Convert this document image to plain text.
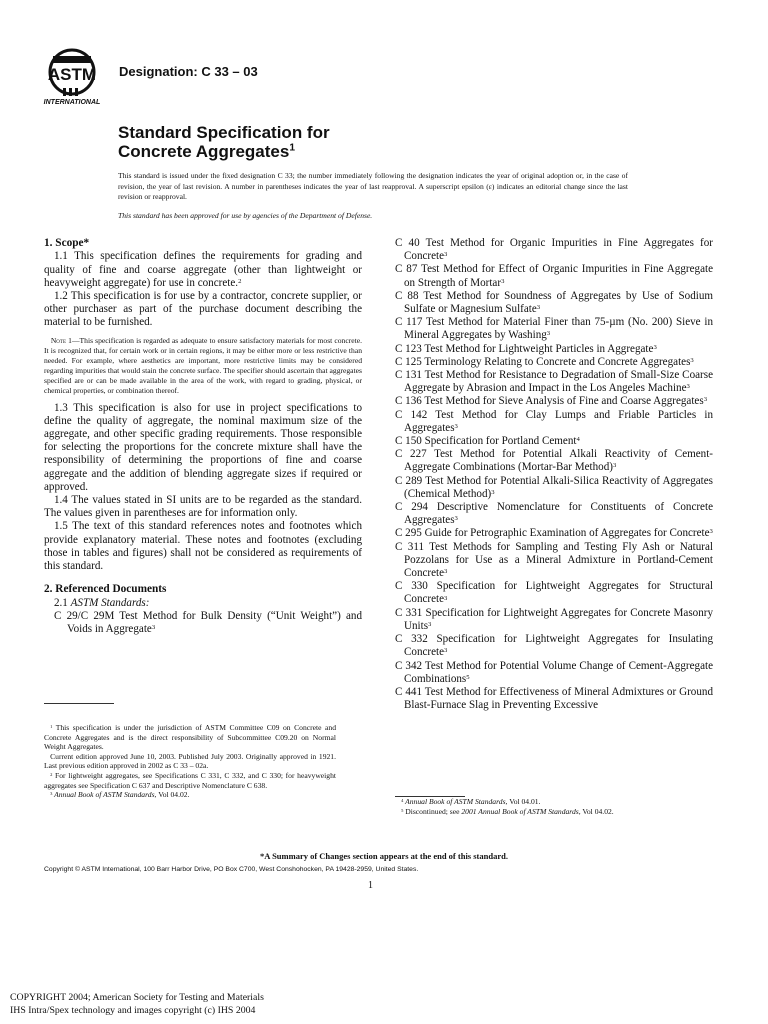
ASTM
INTERNATIONAL
Designation: C 33 – 03
Standard Specification for
Concrete Aggregates$^1$
This standard is issued under the fixed designation C 33; the number immediately following the designation indicates the year of original adoption or, in the case of revision, the year of last revision. A number in parentheses indicates the year of last reapproval. A superscript epsilon (ε) indicates an editorial change since the last revision or reapproval.
This standard has been approved for use by agencies of the Department of Defense.
1. Scope*

1.1 This specification defines the requirements for grading and quality of fine and coarse aggregate (other than lightweight or heavyweight aggregate) for use in concrete.$^2$

1.2 This specification is for use by a contractor, concrete supplier, or other purchaser as part of the purchase document describing the material to be furnished.

Note 1—This specification is regarded as adequate to ensure satisfactory materials for most concrete. It is recognized that, for certain work or in certain regions, it may be either more or less restrictive than needed. For example, where aesthetics are important, more restrictive limits may be considered regarding impurities that would stain the concrete surface. The specifier should ascertain that aggregates specified are or can be made available in the area of the work, with regard to grading, physical, or chemical properties, or combination thereof.

1.3 This specification is also for use in project specifications to define the quality of aggregate, the nominal maximum size of the aggregate, and other specific grading requirements. Those responsible for selecting the proportions for the concrete mixture shall have the responsibility of determining the proportions of fine and coarse aggregate and the addition of blending aggregate sizes if required or approved.

1.4 The values stated in SI units are to be regarded as the standard. The values given in parentheses are for information only.

1.5 The text of this standard references notes and footnotes which provide explanatory material. These notes and footnotes (excluding those in tables and figures) shall not be considered as requirements of this standard.

2. Referenced Documents

2.1 ASTM Standards:

C 29/C 29M Test Method for Bulk Density (“Unit Weight”) and Voids in Aggregate$^3$

C 40 Test Method for Organic Impurities in Fine Aggregates for Concrete$^3$

C 87 Test Method for Effect of Organic Impurities in Fine Aggregate on Strength of Mortar$^3$

C 88 Test Method for Soundness of Aggregates by Use of Sodium Sulfate or Magnesium Sulfate$^3$

C 117 Test Method for Material Finer than 75-µm (No. 200) Sieve in Mineral Aggregates by Washing$^3$

C 123 Test Method for Lightweight Particles in Aggregate$^3$

C 125 Terminology Relating to Concrete and Concrete Aggregates$^3$

C 131 Test Method for Resistance to Degradation of Small-Size Coarse Aggregate by Abrasion and Impact in the Los Angeles Machine$^3$

C 136 Test Method for Sieve Analysis of Fine and Coarse Aggregates$^3$

C 142 Test Method for Clay Lumps and Friable Particles in Aggregates$^3$

C 150 Specification for Portland Cement$^4$

C 227 Test Method for Potential Alkali Reactivity of Cement-Aggregate Combinations (Mortar-Bar Method)$^3$

C 289 Test Method for Potential Alkali-Silica Reactivity of Aggregates (Chemical Method)$^3$

C 294 Descriptive Nomenclature for Constituents of Concrete Aggregates$^3$

C 295 Guide for Petrographic Examination of Aggregates for Concrete$^3$

C 311 Test Methods for Sampling and Testing Fly Ash or Natural Pozzolans for Use as a Mineral Admixture in Portland-Cement Concrete$^3$

C 330 Specification for Lightweight Aggregates for Structural Concrete$^3$

C 331 Specification for Lightweight Aggregates for Concrete Masonry Units$^3$

C 332 Specification for Lightweight Aggregates for Insulating Concrete$^3$

C 342 Test Method for Potential Volume Change of Cement-Aggregate Combinations$^5$

C 441 Test Method for Effectiveness of Mineral Admixtures or Ground Blast-Furnace Slag in Preventing Excessive

$^1$ This specification is under the jurisdiction of ASTM Committee C09 on Concrete and Concrete Aggregates and is the direct responsibility of Subcommittee C09.20 on Normal Weight Aggregates.

Current edition approved June 10, 2003. Published July 2003. Originally approved in 1921. Last previous edition approved in 2002 as C 33 – 02a.

$^2$ For lightweight aggregates, see Specifications C 331, C 332, and C 330; for heavyweight aggregates see Specification C 637 and Descriptive Nomenclature C 638.

$^3$ Annual Book of ASTM Standards, Vol 04.02.

$^4$ Annual Book of ASTM Standards, Vol 04.01.

$^5$ Discontinued; see 2001 Annual Book of ASTM Standards, Vol 04.02.

*A Summary of Changes section appears at the end of this standard.
Copyright © ASTM International, 100 Barr Harbor Drive, PO Box C700, West Conshohocken, PA 19428-2959, United States.
1
COPYRIGHT 2004; American Society for Testing and Materials
IHS Intra/Spex technology and images copyright (c) IHS 2004
